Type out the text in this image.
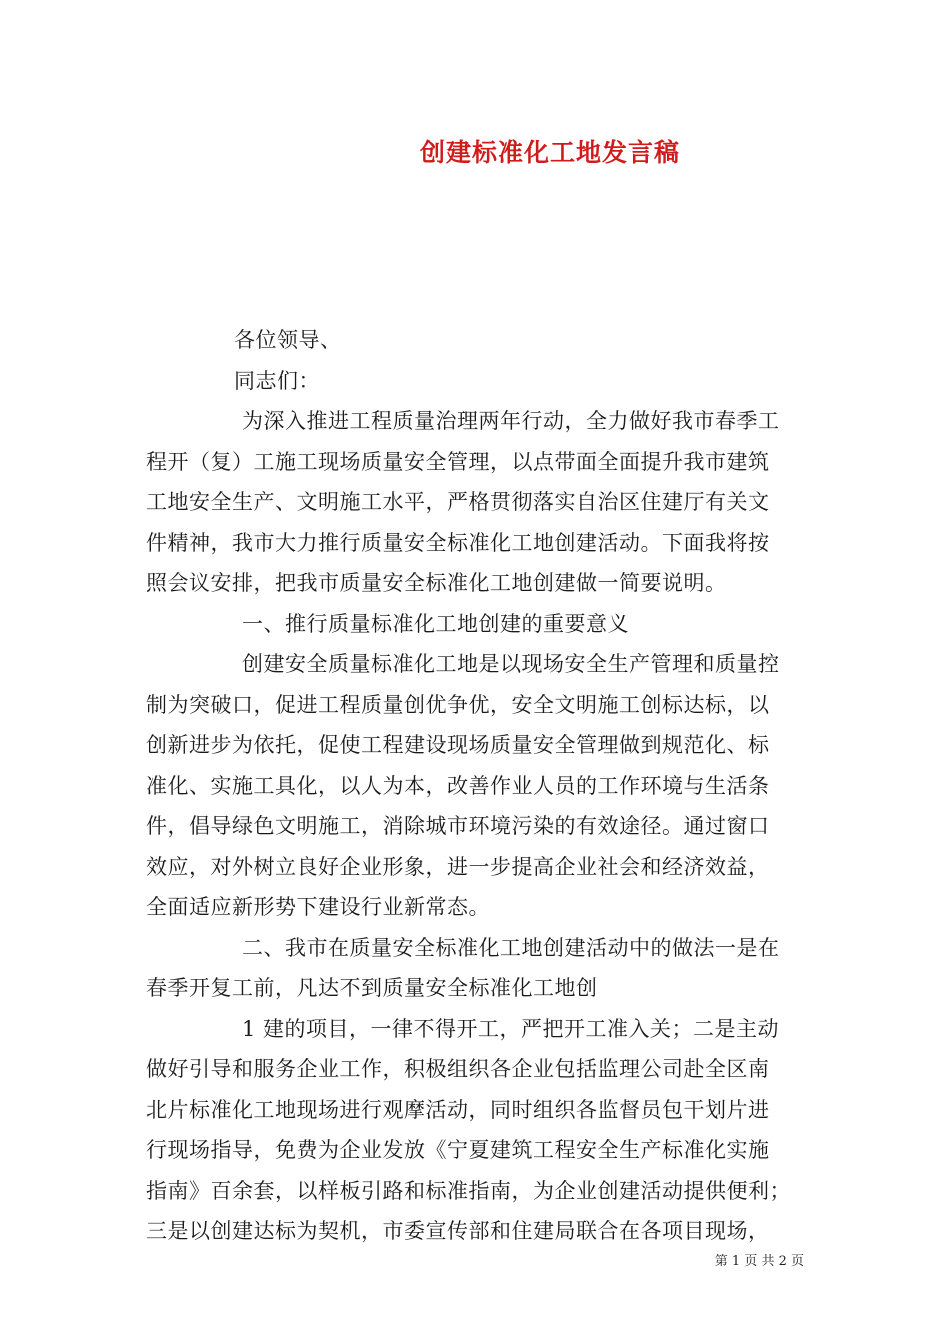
创建标准化工地发言稿

各位领导、

同志们：

为深入推进工程质量治理两年行动，全力做好我市春季工

程开（复）工施工现场质量安全管理，以点带面全面提升我市建筑

工地安全生产、文明施工水平，严格贯彻落实自治区住建厅有关文

件精神，我市大力推行质量安全标准化工地创建活动。下面我将按

照会议安排，把我市质量安全标准化工地创建做一简要说明。

一、推行质量标准化工地创建的重要意义

创建安全质量标准化工地是以现场安全生产管理和质量控

制为突破口，促进工程质量创优争优，安全文明施工创标达标，以

创新进步为依托，促使工程建设现场质量安全管理做到规范化、标

准化、实施工具化，以人为本，改善作业人员的工作环境与生活条

件，倡导绿色文明施工，消除城市环境污染的有效途径。通过窗口

效应，对外树立良好企业形象，进一步提高企业社会和经济效益，

全面适应新形势下建设行业新常态。

二、我市在质量安全标准化工地创建活动中的做法一是在

春季开复工前，凡达不到质量安全标准化工地创

1 建的项目，一律不得开工，严把开工准入关；二是主动

做好引导和服务企业工作，积极组织各企业包括监理公司赴全区南

北片标准化工地现场进行观摩活动，同时组织各监督员包干划片进

行现场指导，免费为企业发放《宁夏建筑工程安全生产标准化实施

指南》百余套，以样板引路和标准指南，为企业创建活动提供便利；

三是以创建达标为契机，市委宣传部和住建局联合在各项目现场，

第 1 页 共 2 页
